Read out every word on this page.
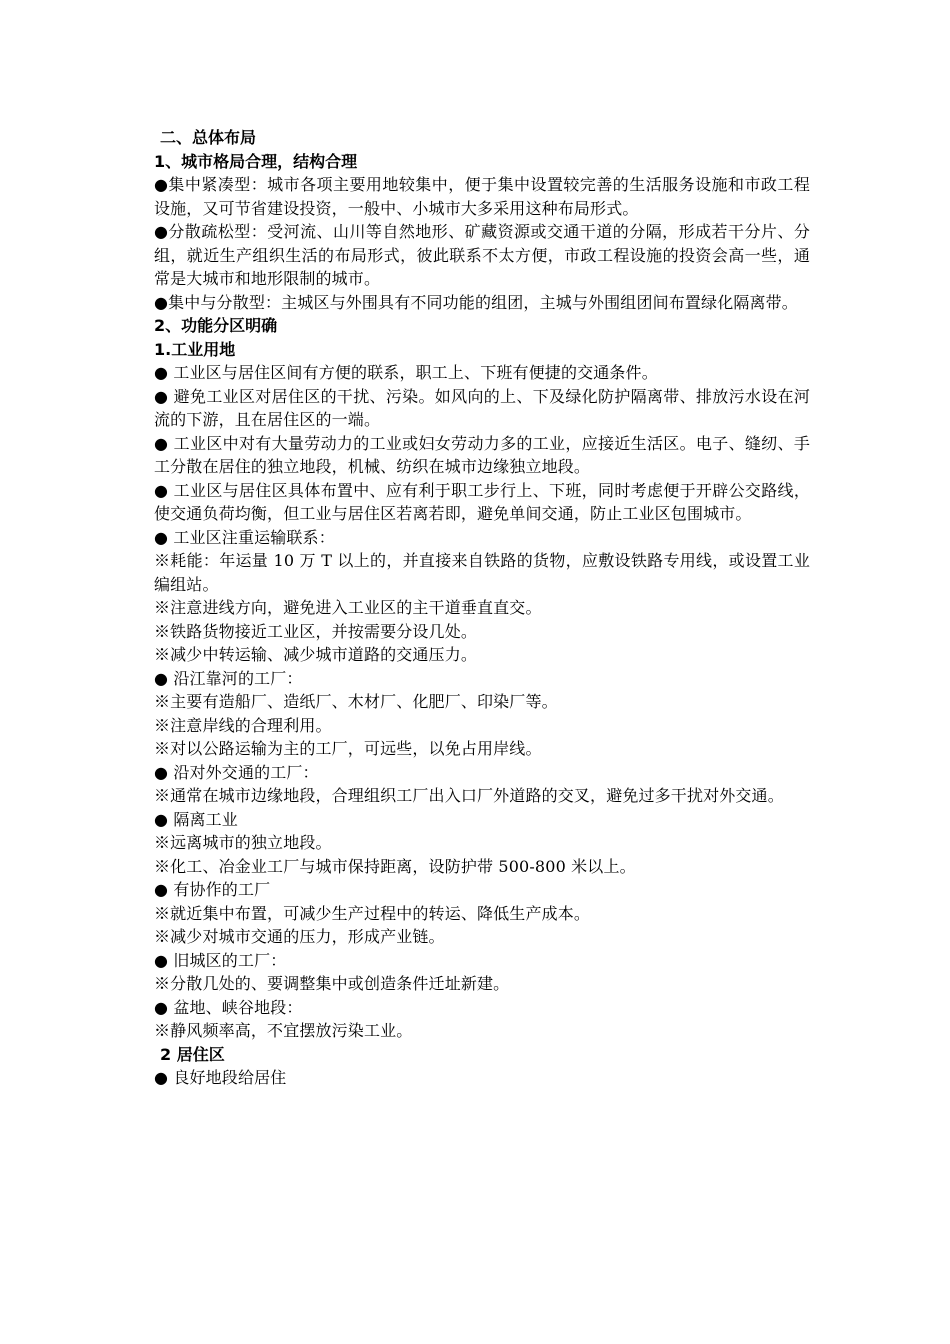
二、总体布局
1、城市格局合理，结构合理
●集中紧凑型：城市各项主要用地较集中，便于集中设置较完善的生活服务设施和市政工程设施，又可节省建设投资，一般中、小城市大多采用这种布局形式。
●分散疏松型：受河流、山川等自然地形、矿藏资源或交通干道的分隔，形成若干分片、分组，就近生产组织生活的布局形式，彼此联系不太方便，市政工程设施的投资会高一些，通常是大城市和地形限制的城市。
●集中与分散型：主城区与外围具有不同功能的组团，主城与外围组团间布置绿化隔离带。
2、功能分区明确
1.工业用地
● 工业区与居住区间有方便的联系，职工上、下班有便捷的交通条件。
● 避免工业区对居住区的干扰、污染。如风向的上、下及绿化防护隔离带、排放污水设在河流的下游，且在居住区的一端。
● 工业区中对有大量劳动力的工业或妇女劳动力多的工业，应接近生活区。电子、缝纫、手工分散在居住的独立地段，机械、纺织在城市边缘独立地段。
● 工业区与居住区具体布置中、应有利于职工步行上、下班，同时考虑便于开辟公交路线，使交通负荷均衡，但工业与居住区若离若即，避免单间交通，防止工业区包围城市。
● 工业区注重运输联系：
※耗能：年运量 10 万 T 以上的，并直接来自铁路的货物，应敷设铁路专用线，或设置工业编组站。
※注意进线方向，避免进入工业区的主干道垂直直交。
※铁路货物接近工业区，并按需要分设几处。
※减少中转运输、减少城市道路的交通压力。
● 沿江靠河的工厂：
※主要有造船厂、造纸厂、木材厂、化肥厂、印染厂等。
※注意岸线的合理利用。
※对以公路运输为主的工厂，可远些，以免占用岸线。
● 沿对外交通的工厂：
※通常在城市边缘地段，合理组织工厂出入口厂外道路的交叉，避免过多干扰对外交通。
● 隔离工业
※远离城市的独立地段。
※化工、冶金业工厂与城市保持距离，设防护带 500-800 米以上。
● 有协作的工厂
※就近集中布置，可减少生产过程中的转运、降低生产成本。
※减少对城市交通的压力，形成产业链。
● 旧城区的工厂：
※分散几处的、要调整集中或创造条件迁址新建。
● 盆地、峡谷地段：
※静风频率高，不宜摆放污染工业。
2 居住区
● 良好地段给居住
